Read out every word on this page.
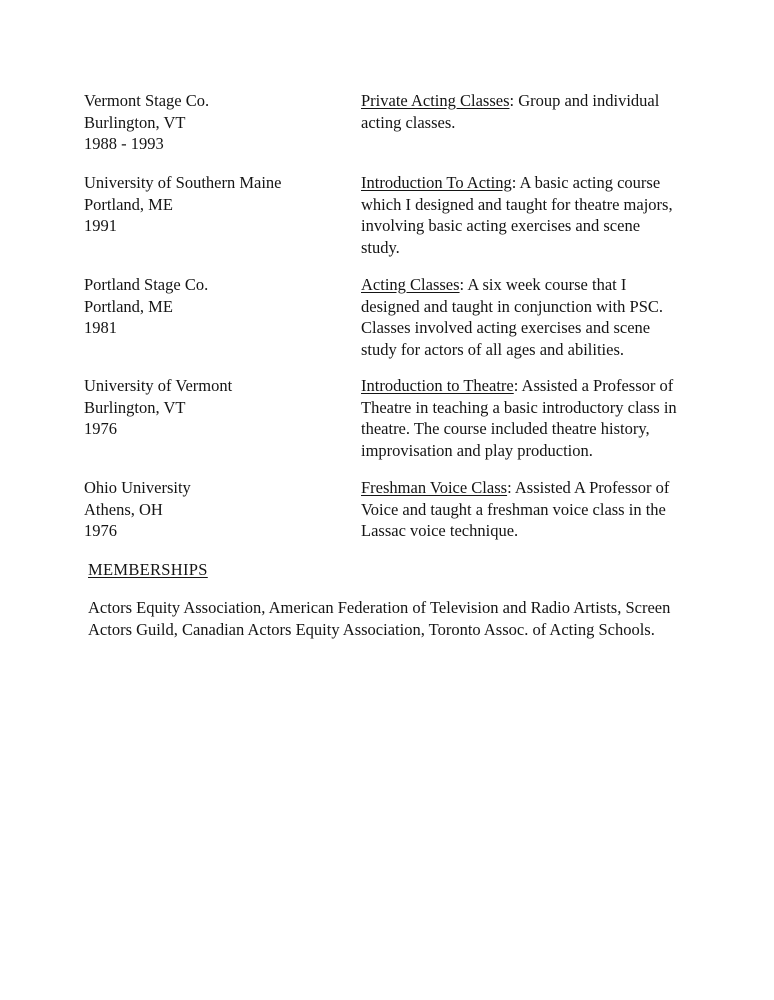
Vermont Stage Co.
Burlington, VT
1988 - 1993
Private Acting Classes: Group and individual
acting classes.
University of Southern Maine
Portland, ME
1991
Introduction To Acting: A basic acting course
which I designed and taught for theatre majors,
involving basic acting exercises and scene
study.
Portland Stage Co.
Portland, ME
1981
Acting Classes: A six week course that I
designed and taught in conjunction with PSC.
Classes involved acting exercises and scene
study for actors of all ages and abilities.
University of Vermont
Burlington, VT
1976
Introduction to Theatre: Assisted a Professor of
Theatre in teaching a basic introductory class in
theatre. The course included theatre history,
improvisation and play production.
Ohio University
Athens, OH
1976
Freshman Voice Class: Assisted A Professor of
Voice and taught a freshman voice class in the
Lassac voice technique.
MEMBERSHIPS
Actors Equity Association, American Federation of Television and Radio Artists, Screen
Actors Guild, Canadian Actors Equity Association, Toronto Assoc. of Acting Schools.
